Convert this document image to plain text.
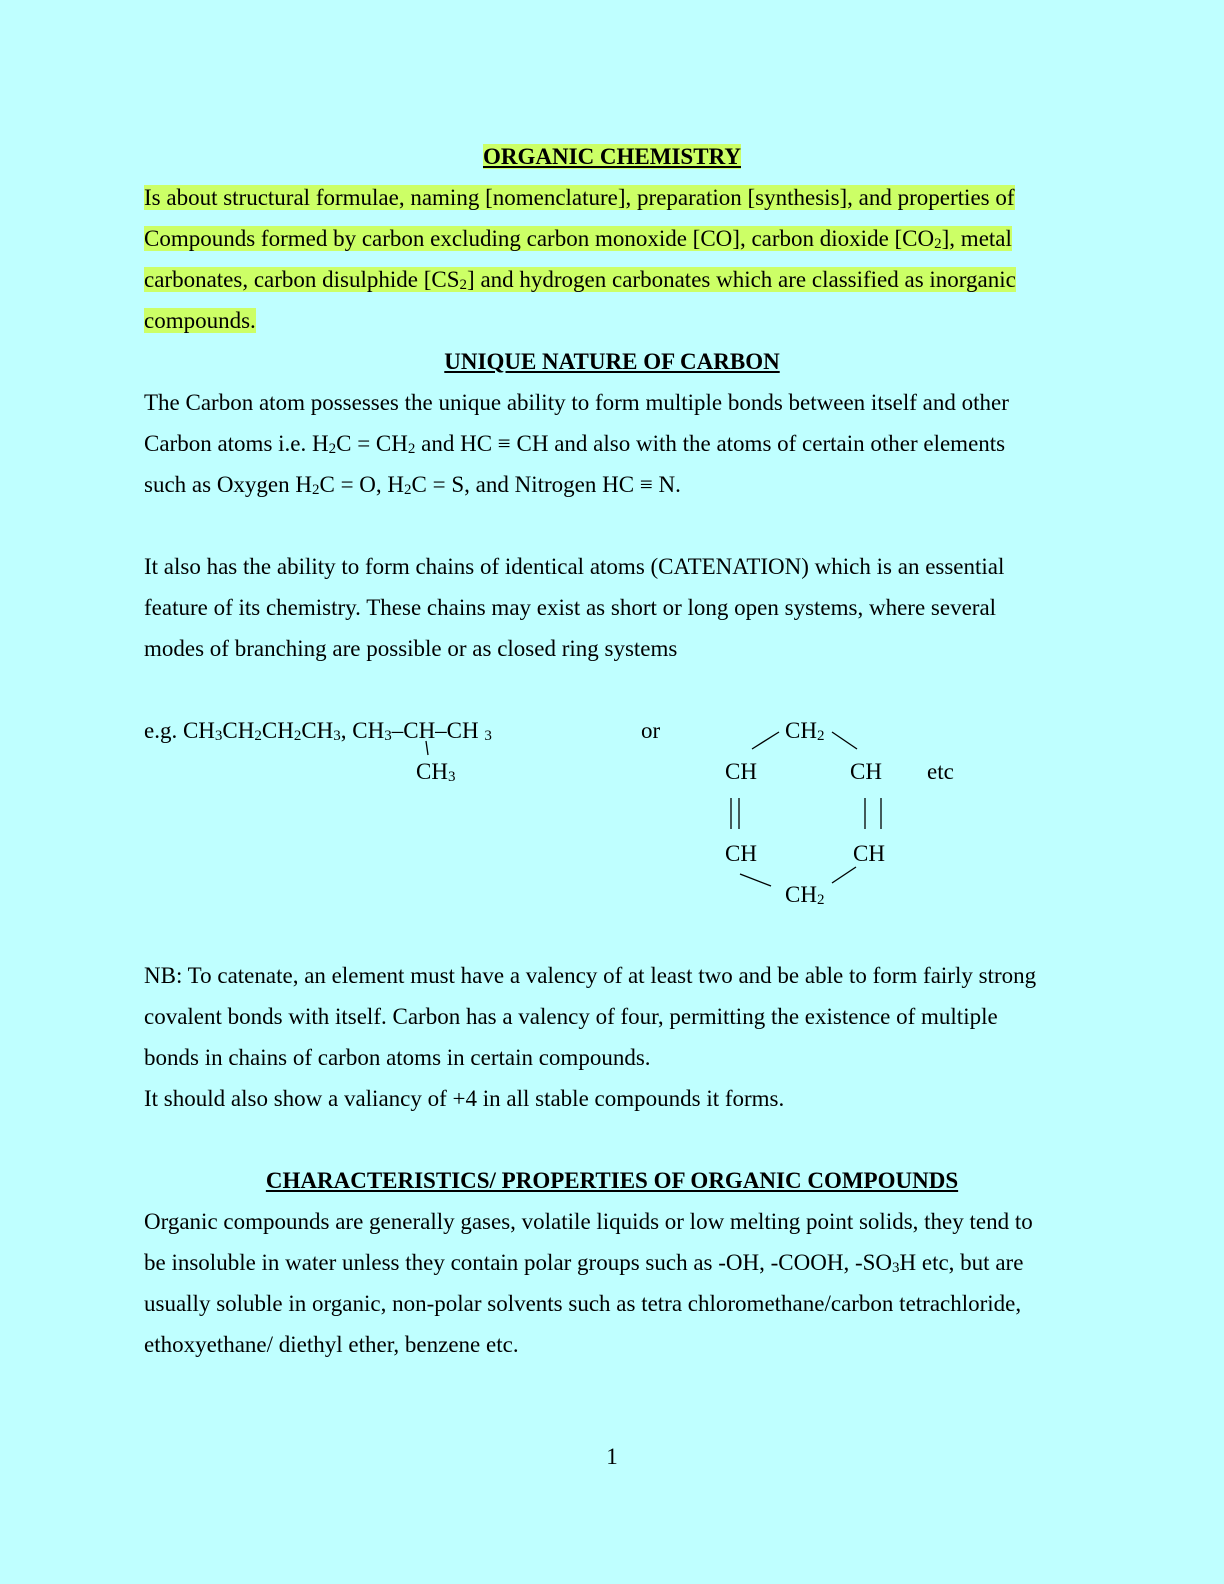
ORGANIC CHEMISTRY
Is about structural formulae, naming [nomenclature], preparation [synthesis], and properties of
Compounds formed by carbon excluding carbon monoxide [CO], carbon dioxide $[CO_2]$, metal
carbonates, carbon disulphide $[CS_2]$ and hydrogen carbonates which are classified as inorganic
compounds.
UNIQUE NATURE OF CARBON
The Carbon atom possesses the unique ability to form multiple bonds between itself and other
Carbon atoms i.e. $H_2C = CH_2$ and HC ≡ CH and also with the atoms of certain other elements
such as Oxygen $H_2C = O$, $H_2C = S$, and Nitrogen HC ≡ N.
It also has the ability to form chains of identical atoms (CATENATION) which is an essential
feature of its chemistry. These chains may exist as short or long open systems, where several
modes of branching are possible or as closed ring systems
e.g. $CH_3CH_2CH_2CH_3$, $CH_3-CH-CH$ $_3$
$CH_3$
or	$CH_2$
CH	CH etc
CH	CH
$CH_2$
NB: To catenate, an element must have a valency of at least two and be able to form fairly strong
covalent bonds with itself. Carbon has a valency of four, permitting the existence of multiple
bonds in chains of carbon atoms in certain compounds.
It should also show a valiancy of +4 in all stable compounds it forms.
CHARACTERISTICS/ PROPERTIES OF ORGANIC COMPOUNDS
Organic compounds are generally gases, volatile liquids or low melting point solids, they tend to
be insoluble in water unless they contain polar groups such as -OH, -COOH, $-SO_3H$ etc, but are
usually soluble in organic, non-polar solvents such as tetra chloromethane/carbon tetrachloride,
ethoxyethane/ diethyl ether, benzene etc.
1
